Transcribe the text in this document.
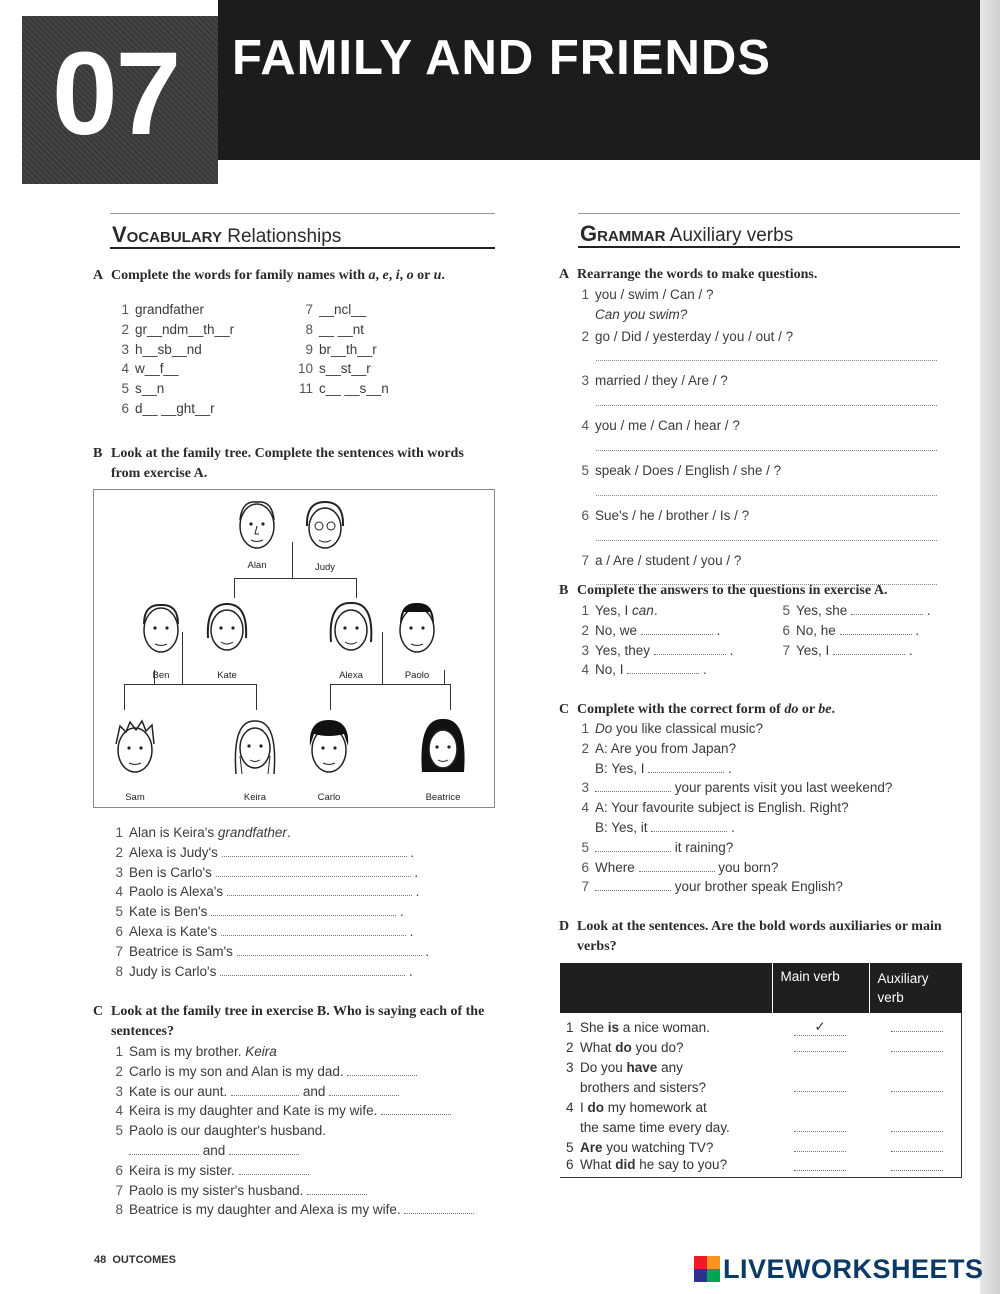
07 FAMILY AND FRIENDS
Vocabulary Relationships
A Complete the words for family names with a, e, i, o or u.
1 grandfather
2 gr__ndm__th__r
3 h__sb__nd
4 w__f__
5 s__n
6 d__ __ght__r
7 __ncl__
8 __ __nt
9 br__th__r
10 s__st__r
11 c__ __s__n
B Look at the family tree. Complete the sentences with words from exercise A.
Alan	Judy
Ben	Kate	Alexa	Paolo
Sam	Keira	Carlo	Beatrice
1 Alan is Keira's grandfather.
2 Alexa is Judy's	.
3 Ben is Carlo's	.
4 Paolo is Alexa's	.
5 Kate is Ben's	.
6 Alexa is Kate's	.
7 Beatrice is Sam's	.
8 Judy is Carlo's	.
C Look at the family tree in exercise B. Who is saying each of the sentences?
1 Sam is my brother. Keira
2 Carlo is my son and Alan is my dad.
3 Kate is our aunt.	and
4 Keira is my daughter and Kate is my wife.
5 Paolo is our daughter's husband.
and
6 Keira is my sister.
7 Paolo is my sister's husband.
8 Beatrice is my daughter and Alexa is my wife.
Grammar Auxiliary verbs
A Rearrange the words to make questions.
1 you / swim / Can / ?
Can you swim?
2 go / Did / yesterday / you / out / ?
3 married / they / Are / ?
4 you / me / Can / hear / ?
5 speak / Does / English / she / ?
6 Sue's / he / brother / Is / ?
7 a / Are / student / you / ?
B Complete the answers to the questions in exercise A.
1 Yes, I can.
2 No, we	.
3 Yes, they	.
4 No, I	.
5 Yes, she	.
6 No, he	.
7 Yes, I	.
C Complete with the correct form of do or be.
1 Do you like classical music?
2 A: Are you from Japan?
B: Yes, I	.
3	your parents visit you last weekend?
4 A: Your favourite subject is English. Right?
B: Yes, it	.
5	it raining?
6 Where	you born?
7	your brother speak English?
D Look at the sentences. Are the bold words auxiliaries or main verbs?
	Main verb	Auxiliary verb

1 She is a nice woman.	✓	
2 What do you do?		
3 Do you have any		
brothers and sisters?		
4 I do my homework at		
the same time every day.		
5 Are you watching TV?		
6 What did he say to you?		
48 OUTCOMES	LIVEWORKSHEETS
